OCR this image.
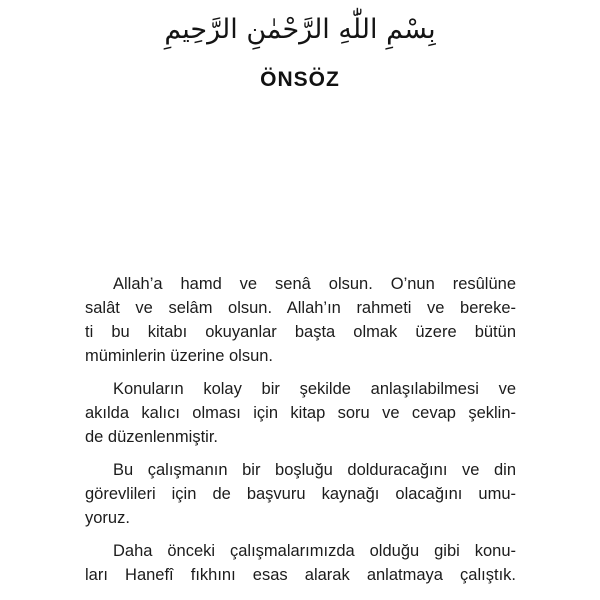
بِسْمِ اللّٰهِ الرَّحْمٰنِ الرَّحِيمِ
ÖNSÖZ

Allah’a hamd ve senâ olsun. O’nun resûlüne
salât ve selâm olsun. Allah’ın rahmeti ve bereke-
ti bu kitabı okuyanlar başta olmak üzere bütün
müminlerin üzerine olsun.

Konuların kolay bir şekilde anlaşılabilmesi ve
akılda kalıcı olması için kitap soru ve cevap şeklin-
de düzenlenmiştir.

Bu çalışmanın bir boşluğu dolduracağını ve din
görevlileri için de başvuru kaynağı olacağını umu-
yoruz.

Daha önceki çalışmalarımızda olduğu gibi konu-
ları Hanefî fıkhını esas alarak anlatmaya çalıştık.
